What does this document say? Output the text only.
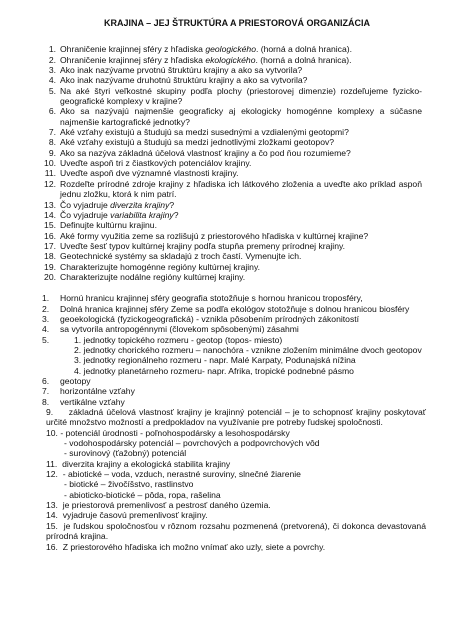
KRAJINA – JEJ ŠTRUKTÚRA A PRIESTOROVÁ ORGANIZÁCIA
1. Ohraničenie krajinnej sféry z hľadiska geologického. (horná a dolná hranica).
2. Ohraničenie krajinnej sféry z hľadiska ekologického. (horná a dolná hranica).
3. Ako inak nazývame prvotnú štruktúru krajiny a ako sa vytvorila?
4. Ako inak nazývame druhotnú štruktúru krajiny a ako sa vytvorila?
5. Na aké štyri veľkostné skupiny podľa plochy (priestorovej dimenzie) rozdeľujeme fyzicko-geografické komplexy v krajine?
6. Ako sa nazývajú najmenšie geograficky aj ekologicky homogénne komplexy a súčasne najmenšie kartografické jednotky?
7. Aké vzťahy existujú a študujú sa medzi susednými a vzdialenými geotopmi?
8. Aké vzťahy existujú a študujú sa medzi jednotlivými zložkami geotopov?
9. Ako sa nazýva základná účelová vlastnosť krajiny a čo pod ňou rozumieme?
10. Uveďte aspoň tri z čiastkových potenciálov krajiny.
11. Uveďte aspoň dve významné vlastnosti krajiny.
12. Rozdeľte prírodné zdroje krajiny z hľadiska ich látkového zloženia a uveďte ako príklad aspoň jednu zložku, ktorá k nim patrí.
13. Čo vyjadruje diverzita krajiny?
14. Čo vyjadruje variabilita krajiny?
15. Definujte kultúrnu krajinu.
16. Aké formy využitia zeme sa rozlišujú z priestorového hľadiska v kultúrnej krajine?
17. Uveďte šesť typov kultúrnej krajiny podľa stupňa premeny prírodnej krajiny.
18. Geotechnické systémy sa skladajú z troch častí. Vymenujte ich.
19. Charakterizujte homogénne regióny kultúrnej krajiny.
20. Charakterizujte nodálne regióny kultúrnej krajiny.
1.	Hornú hranicu krajinnej sféry geografia stotožňuje s hornou hranicou troposféry,
2.	Dolná hranica krajinnej sféry Zeme sa podľa ekológov stotožňuje s dolnou hranicou biosféry
3.	geoekologická (fyzickogeografická) - vznikla pôsobením prírodných zákonitostí
4.	sa vytvorila antropogénnymi (človekom spôsobenými) zásahmi
5.	1. jednotky topického rozmeru - geotop (topos- miesto)
2. jednotky chorického rozmeru – nanochóra - vznikne zložením minimálne dvoch geotopov
3. jednotky regionálneho rozmeru - napr. Malé Karpaty, Podunajská nížina
4. jednotky planetárneho rozmeru- napr. Afrika, tropické podnebné pásmo
6.	geotopy
7.	horizontálne vzťahy
8.	vertikálne vzťahy
9. základná účelová vlastnosť krajiny je krajinný potenciál – je to schopnosť krajiny poskytovať určité množstvo možností a predpokladov na využívanie pre potreby ľudskej spoločnosti.
10. - potenciál úrodnosti - poľnohospodársky a lesohospodársky
- vodohospodársky potenciál – povrchových a podpovrchových vôd
- surovinový (ťažobný) potenciál
11. diverzita krajiny a ekologická stabilita krajiny
12. - abiotické – voda, vzduch, nerastné suroviny, slnečné žiarenie
- biotické – živočíšstvo, rastlinstvo
- abioticko-biotické – pôda, ropa, rašelina
13. je priestorová premenlivosť a pestrosť daného územia.
14. vyjadruje časovú premenlivosť krajiny.
15. je ľudskou spoločnosťou v rôznom rozsahu pozmenená (pretvorená), či dokonca devastovaná prírodná krajina.
16. Z priestorového hľadiska ich možno vnímať ako uzly, siete a povrchy.
